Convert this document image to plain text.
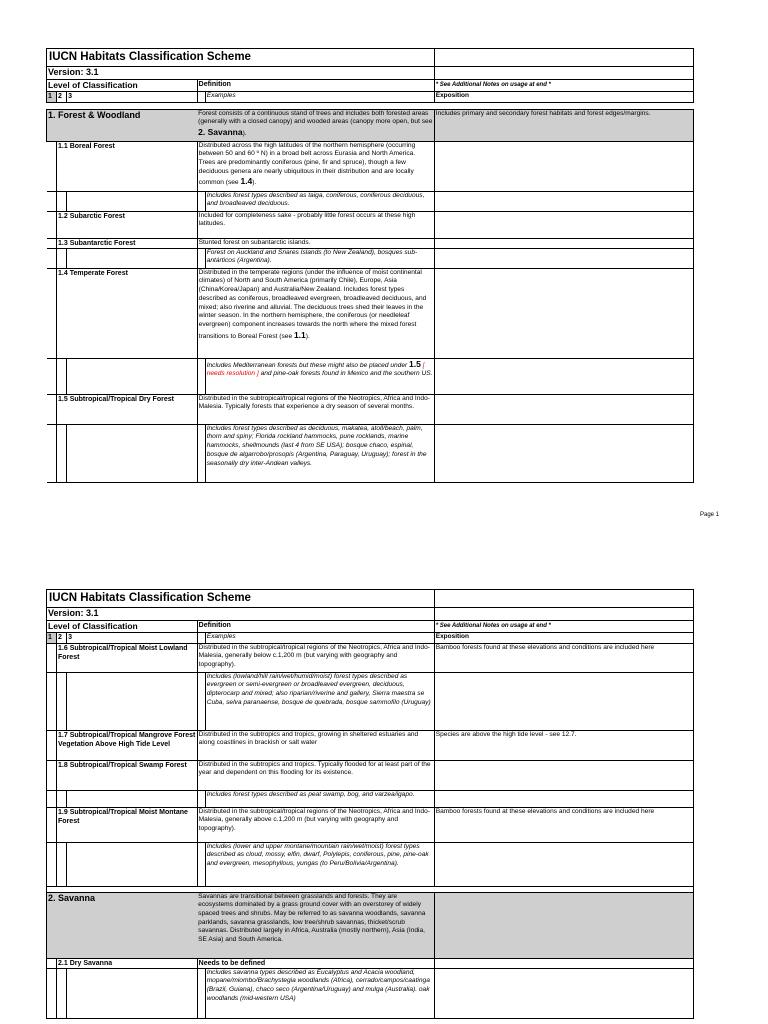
IUCN Habitats Classification Scheme					
Version: 3.1					
Level of Classification			Definition		* See Additional Notes on usage at end *
1	2	3		Examples	Exposition

1. Forest & Woodland			Forest consists of a continuous stand of trees and includes both forested areas (generally with a closed canopy) and wooded areas (canopy more open, but see 2. Savanna).		Includes primary and secondary forest habitats and forest edges/margins.
	1.1 Boreal Forest		Distributed across the high latitudes of the northern hemisphere (occurring between 50 and 60 º N) in a broad belt across Eurasia and North America. Trees are predominantly coniferous (pine, fir and spruce), though a few deciduous genera are nearly ubiquitous in their distribution and are locally common (see 1.4).		
				Includes forest types described as taiga, coniferous, coniferous deciduous, and broadleaved deciduous.	
	1.2 Subarctic Forest		Included for completeness sake - probably little forest occurs at these high latitudes.		
	1.3 Subantarctic Forest		Stunted forest on subantarctic islands.		
				Forest on Auckland and Snares Islands (to New Zealand), bosques sub-antárticos (Argentina).	
	1.4 Temperate Forest		Distributed in the temperate regions (under the influence of moist continental climates) of North and South America (primarily Chile), Europe, Asia (China/Korea/Japan) and Australia/New Zealand. Includes forest types described as coniferous, broadleaved evergreen, broadleaved deciduous, and mixed; also riverine and alluvial. The deciduous trees shed their leaves in the winter season. In the northern hemisphere, the coniferous (or needleleaf evergreen) component increases towards the north where the mixed forest transitions to Boreal Forest (see 1.1).		
				Includes Mediterranean forests but these might also be placed under 1.5 [ needs resolution ] and pine-oak forests found in Mexico and the southern US.	
	1.5 Subtropical/Tropical Dry Forest		Distributed in the subtropical/tropical regions of the Neotropics, Africa and Indo-Malesia. Typically forests that experience a dry season of several months.		
				Includes forest types described as deciduous, makatea, atoll/beach, palm, thorn and spiny; Florida rockland hammocks, pune rocklands, marine hammocks, shellmounds (last 4 from SE USA); bosque chaco, espinal, bosque de algarrobo/prosopis (Argentina, Paraguay, Uruguay); forest in the seasonally dry inter-Andean valleys.	
Page 1
IUCN Habitats Classification Scheme					
Version: 3.1					
Level of Classification			Definition		* See Additional Notes on usage at end *
1	2	3		Examples	Exposition
	1.6 Subtropical/Tropical Moist Lowland Forest		Distributed in the subtropical/tropical regions of the Neotropics, Africa and Indo-Malesia, generally below c.1,200 m (but varying with geography and topography).		Bamboo forests found at these elevations and conditions are included here
				Includes (lowland/hill rain/wet/humid/moist) forest types described as evergreen or semi-evergreen or broadleaved evergreen, deciduous, dipterocarp and mixed; also riparian/riverine and gallery, Sierra maestra se Cuba, selva paranaense, bosque de quebrada, bosque sammofilo (Uruguay)	
	1.7 Subtropical/Tropical Mangrove Forest Vegetation Above High Tide Level		Distributed in the subtropics and tropics, growing in sheltered estuaries and along coastlines in brackish or salt water		Species are above the high tide level - see 12.7.
	1.8 Subtropical/Tropical Swamp Forest		Distributed in the subtropics and tropics. Typically flooded for at least part of the year and dependent on this flooding for its existence.		
				Includes forest types described as peat swamp, bog, and varzea/igapo.	
	1.9 Subtropical/Tropical Moist Montane Forest		Distributed in the subtropical/tropical regions of the Neotropics, Africa and Indo-Malesia, generally above c.1,200 m (but varying with geography and topography).		Bamboo forests found at these elevations and conditions are included here
				Includes (lower and upper montane/mountain rain/wet/moist) forest types described as cloud, mossy, elfin, dwarf, Polylepis, coniferous, pine, pine-oak and evergreen, mesophyllous, yungas (to Peru/Bolivia/Argentina).	

2. Savanna			Savannas are transitional between grasslands and forests. They are ecosystems dominated by a grass ground cover with an overstorey of widely spaced trees and shrubs. May be referred to as savanna woodlands, savanna parklands, savanna grasslands, low tree/shrub savannas, thicket/scrub savannas. Distributed largely in Africa, Australia (mostly northern), Asia (India, SE Asia) and South America.		
	2.1 Dry Savanna		Needs to be defined		
				Includes savanna types described as Eucalyptus and Acacia woodland, mopane/miombo/Brachystegia woodlands (Africa), cerrado/campos/caatinga (Brazil, Guiana), chaco seco (Argentina/Uruguay) and mulga (Australia). oak woodlands (mid-western USA)	
